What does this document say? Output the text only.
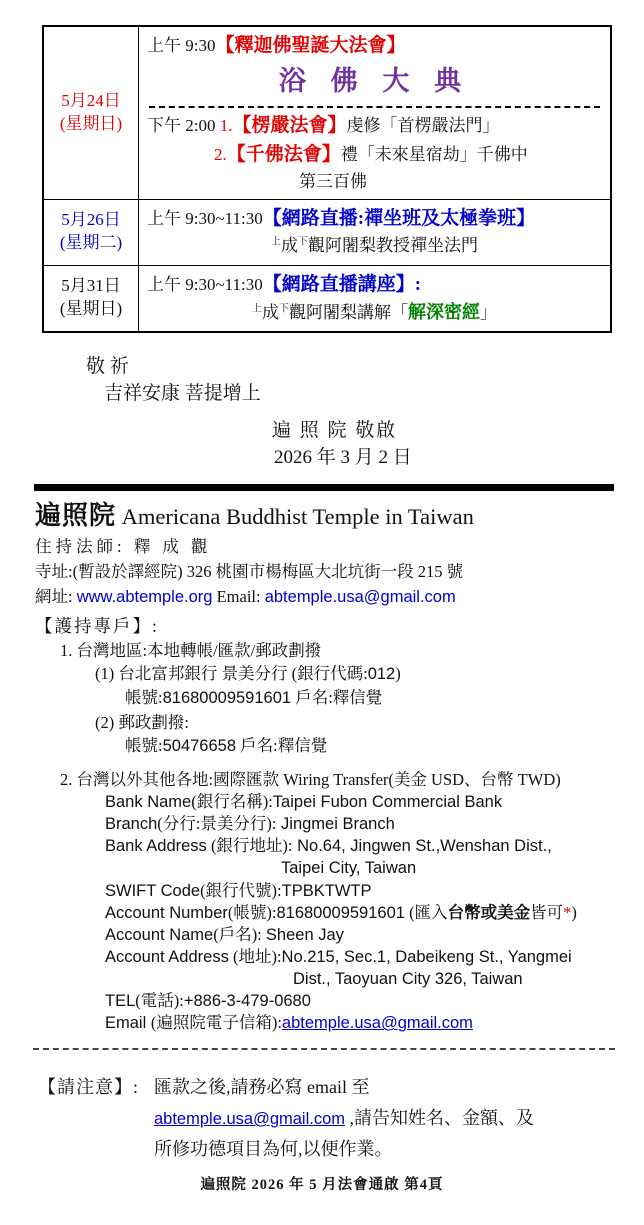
5月24日
(星期日)
上午 9:30【釋迦佛聖誕大法會】
浴 佛 大 典
下午 2:00 1.【楞嚴法會】虔修「首楞嚴法門」
2.【千佛法會】禮「未來星宿劫」千佛中
第三百佛
5月26日
(星期二)
上午 9:30~11:30【網路直播:禪坐班及太極拳班】
$^上$成$^下$觀阿闍梨教授禪坐法門
5月31日
(星期日)
上午 9:30~11:30【網路直播講座】:
$^上$成$^下$觀阿闍梨講解「解深密經」
敬 祈
吉祥安康 菩提增上
遍 照 院 敬啟
2026 年 3 月 2 日
遍照院 Americana Buddhist Temple in Taiwan
住持法師: 釋 成 觀
寺址:(暫設於譯經院) 326 桃園市楊梅區大北坑街一段 215 號
網址: www.abtemple.org Email: abtemple.usa@gmail.com
【護持專戶】:
1. 台灣地區:本地轉帳/匯款/郵政劃撥
(1) 台北富邦銀行 景美分行 (銀行代碼:012)
帳號:81680009591601 戶名:釋信覺
(2) 郵政劃撥:
帳號:50476658 戶名:釋信覺
2. 台灣以外其他各地:國際匯款 Wiring Transfer(美金 USD、台幣 TWD)
Bank Name(銀行名稱):Taipei Fubon Commercial Bank
Branch(分行:景美分行): Jingmei Branch
Bank Address (銀行地址): No.64, Jingwen St.,Wenshan Dist.,
Taipei City, Taiwan
SWIFT Code(銀行代號):TPBKTWTP
Account Number(帳號):81680009591601 (匯入台幣或美金皆可*)
Account Name(戶名): Sheen Jay
Account Address (地址):No.215, Sec.1, Dabeikeng St., Yangmei
Dist., Taoyuan City 326, Taiwan
TEL(電話):+886-3-479-0680
Email (遍照院電子信箱):abtemple.usa@gmail.com
【請注意】: 匯款之後,請務必寫 email 至
abtemple.usa@gmail.com ,請告知姓名、金額、及
所修功德項目為何,以便作業。
遍照院 2026 年 5 月法會通啟 第4頁
